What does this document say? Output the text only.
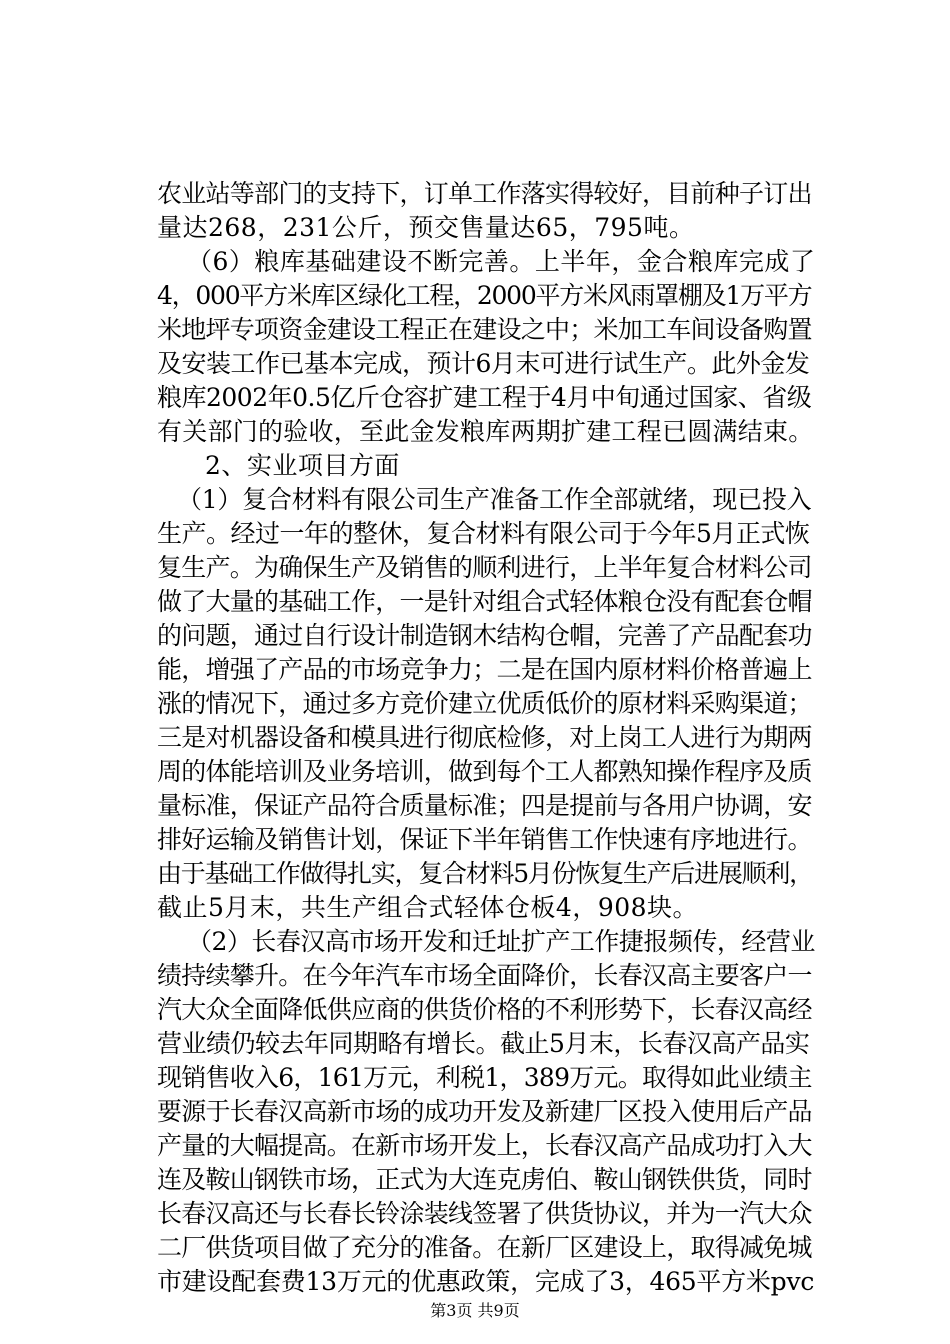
农业站等部门的支持下，订单工作落实得较好，目前种子订出
量达268，231公斤，预交售量达65，795吨。
（6）粮库基础建设不断完善。上半年，金合粮库完成了
4，000平方米库区绿化工程，2000平方米风雨罩棚及1万平方
米地坪专项资金建设工程正在建设之中；米加工车间设备购置
及安装工作已基本完成，预计6月末可进行试生产。此外金发
粮库2002年0.5亿斤仓容扩建工程于4月中旬通过国家、省级
有关部门的验收，至此金发粮库两期扩建工程已圆满结束。
2、实业项目方面
（1）复合材料有限公司生产准备工作全部就绪，现已投入
生产。经过一年的整休，复合材料有限公司于今年5月正式恢
复生产。为确保生产及销售的顺利进行，上半年复合材料公司
做了大量的基础工作，一是针对组合式轻体粮仓没有配套仓帽
的问题，通过自行设计制造钢木结构仓帽，完善了产品配套功
能，增强了产品的市场竞争力；二是在国内原材料价格普遍上
涨的情况下，通过多方竞价建立优质低价的原材料采购渠道；
三是对机器设备和模具进行彻底检修，对上岗工人进行为期两
周的体能培训及业务培训，做到每个工人都熟知操作程序及质
量标准，保证产品符合质量标准；四是提前与各用户协调，安
排好运输及销售计划，保证下半年销售工作快速有序地进行。
由于基础工作做得扎实，复合材料5月份恢复生产后进展顺利，
截止5月末，共生产组合式轻体仓板4，908块。
（2）长春汉高市场开发和迁址扩产工作捷报频传，经营业
绩持续攀升。在今年汽车市场全面降价，长春汉高主要客户一
汽大众全面降低供应商的供货价格的不利形势下，长春汉高经
营业绩仍较去年同期略有增长。截止5月末，长春汉高产品实
现销售收入6，161万元，利税1，389万元。取得如此业绩主
要源于长春汉高新市场的成功开发及新建厂区投入使用后产品
产量的大幅提高。在新市场开发上，长春汉高产品成功打入大
连及鞍山钢铁市场，正式为大连克虏伯、鞍山钢铁供货，同时
长春汉高还与长春长铃涂装线签署了供货协议，并为一汽大众
二厂供货项目做了充分的准备。在新厂区建设上，取得减免城
市建设配套费13万元的优惠政策，完成了3，465平方米pvc
第3页 共9页
